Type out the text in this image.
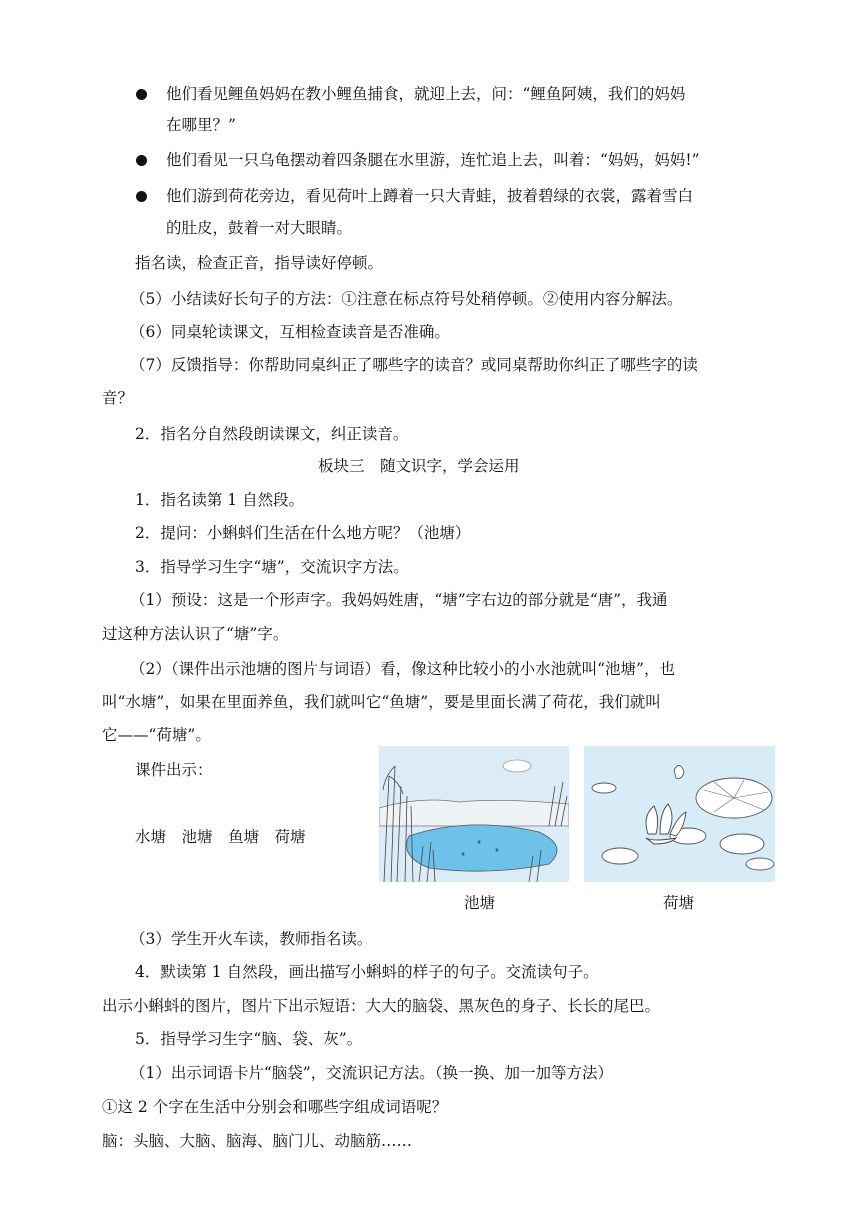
他们看见鲤鱼妈妈在教小鲤鱼捕食，就迎上去，问：“鲤鱼阿姨，我们的妈妈
在哪里？”
他们看见一只乌龟摆动着四条腿在水里游，连忙追上去，叫着：“妈妈，妈妈!”
他们游到荷花旁边，看见荷叶上蹲着一只大青蛙，披着碧绿的衣裳，露着雪白
的肚皮，鼓着一对大眼睛。
指名读，检查正音，指导读好停顿。
（5）小结读好长句子的方法：①注意在标点符号处稍停顿。②使用内容分解法。
（6）同桌轮读课文，互相检查读音是否准确。
（7）反馈指导：你帮助同桌纠正了哪些字的读音？或同桌帮助你纠正了哪些字的读
音？
2．指名分自然段朗读课文，纠正读音。
板块三　随文识字，学会运用
1．指名读第 1 自然段。
2．提问：小蝌蚪们生活在什么地方呢？（池塘）
3．指导学习生字“塘”，交流识字方法。
（1）预设：这是一个形声字。我妈妈姓唐，“塘”字右边的部分就是“唐”，我通
过这种方法认识了“塘”字。
（2）（课件出示池塘的图片与词语）看，像这种比较小的小水池就叫“池塘”，也
叫“水塘”，如果在里面养鱼，我们就叫它“鱼塘”，要是里面长满了荷花，我们就叫
它——“荷塘”。
课件出示：
水塘　池塘　鱼塘　荷塘
池塘	荷塘
（3）学生开火车读，教师指名读。
4．默读第 1 自然段，画出描写小蝌蚪的样子的句子。交流读句子。
出示小蝌蚪的图片，图片下出示短语：大大的脑袋、黑灰色的身子、长长的尾巴。
5．指导学习生字“脑、袋、灰”。
（1）出示词语卡片“脑袋”，交流识记方法。（换一换、加一加等方法）
①这 2 个字在生活中分别会和哪些字组成词语呢？
脑：头脑、大脑、脑海、脑门儿、动脑筋……
